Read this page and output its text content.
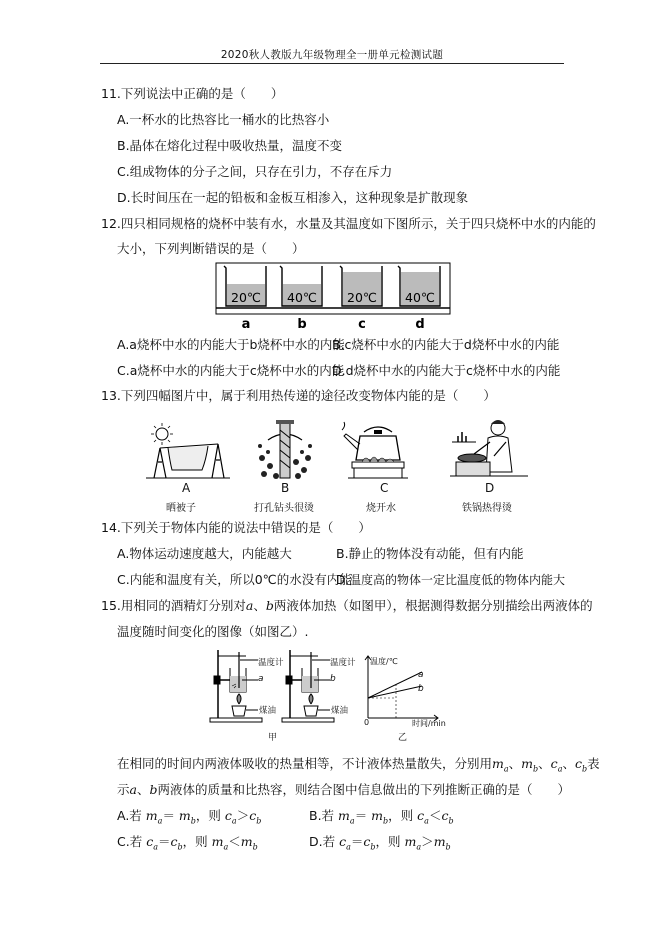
2020秋人教版九年级物理全一册单元检测试题
11.下列说法中正确的是（　　）
A.一杯水的比热容比一桶水的比热容小
B.晶体在熔化过程中吸收热量，温度不变
C.组成物体的分子之间，只存在引力，不存在斥力
D.长时间压在一起的铅板和金板互相渗入，这种现象是扩散现象
12.四只相同规格的烧杯中装有水，水量及其温度如下图所示，关于四只烧杯中水的内能的
大小，下列判断错误的是（　　）
20℃
a
40℃
b
20℃
c
40℃
d
A.a烧杯中水的内能大于b烧杯中水的内能
B.c烧杯中水的内能大于d烧杯中水的内能
C.a烧杯中水的内能大于c烧杯中水的内能
D.d烧杯中水的内能大于c烧杯中水的内能
13.下列四幅图片中，属于利用热传递的途径改变物体内能的是（　　）
A	B	C	D
晒被子	打孔钻头很烫	烧开水	铁锅热得烫
14.下列关于物体内能的说法中错误的是（　　）
A.物体运动速度越大，内能越大	B.静止的物体没有动能，但有内能
C.内能和温度有关，所以0℃的水没有内能
D.温度高的物体一定比温度低的物体内能大
15.用相同的酒精灯分别对a、b两液体加热（如图甲），根据测得数据分别描绘出两液体的
温度随时间变化的图像（如图乙）.
温度计	温度计
a	b
煤油	煤油
甲
温度/℃
a
b
0	时间/min
乙
在相同的时间内两液体吸收的热量相等，不计液体热量散失，分别用$m_a$、$m_b$、$c_a$、$c_b$表
示a、b两液体的质量和比热容，则结合图中信息做出的下列推断正确的是（　　）
A.若 $m_a= m_b$，则 $c_a>c_b$	B.若 $m_a= m_b$，则 $c_a<c_b$
C.若 $c_a=c_b$，则 $m_a<m_b$	D.若 $c_a=c_b$，则 $m_a>m_b$
